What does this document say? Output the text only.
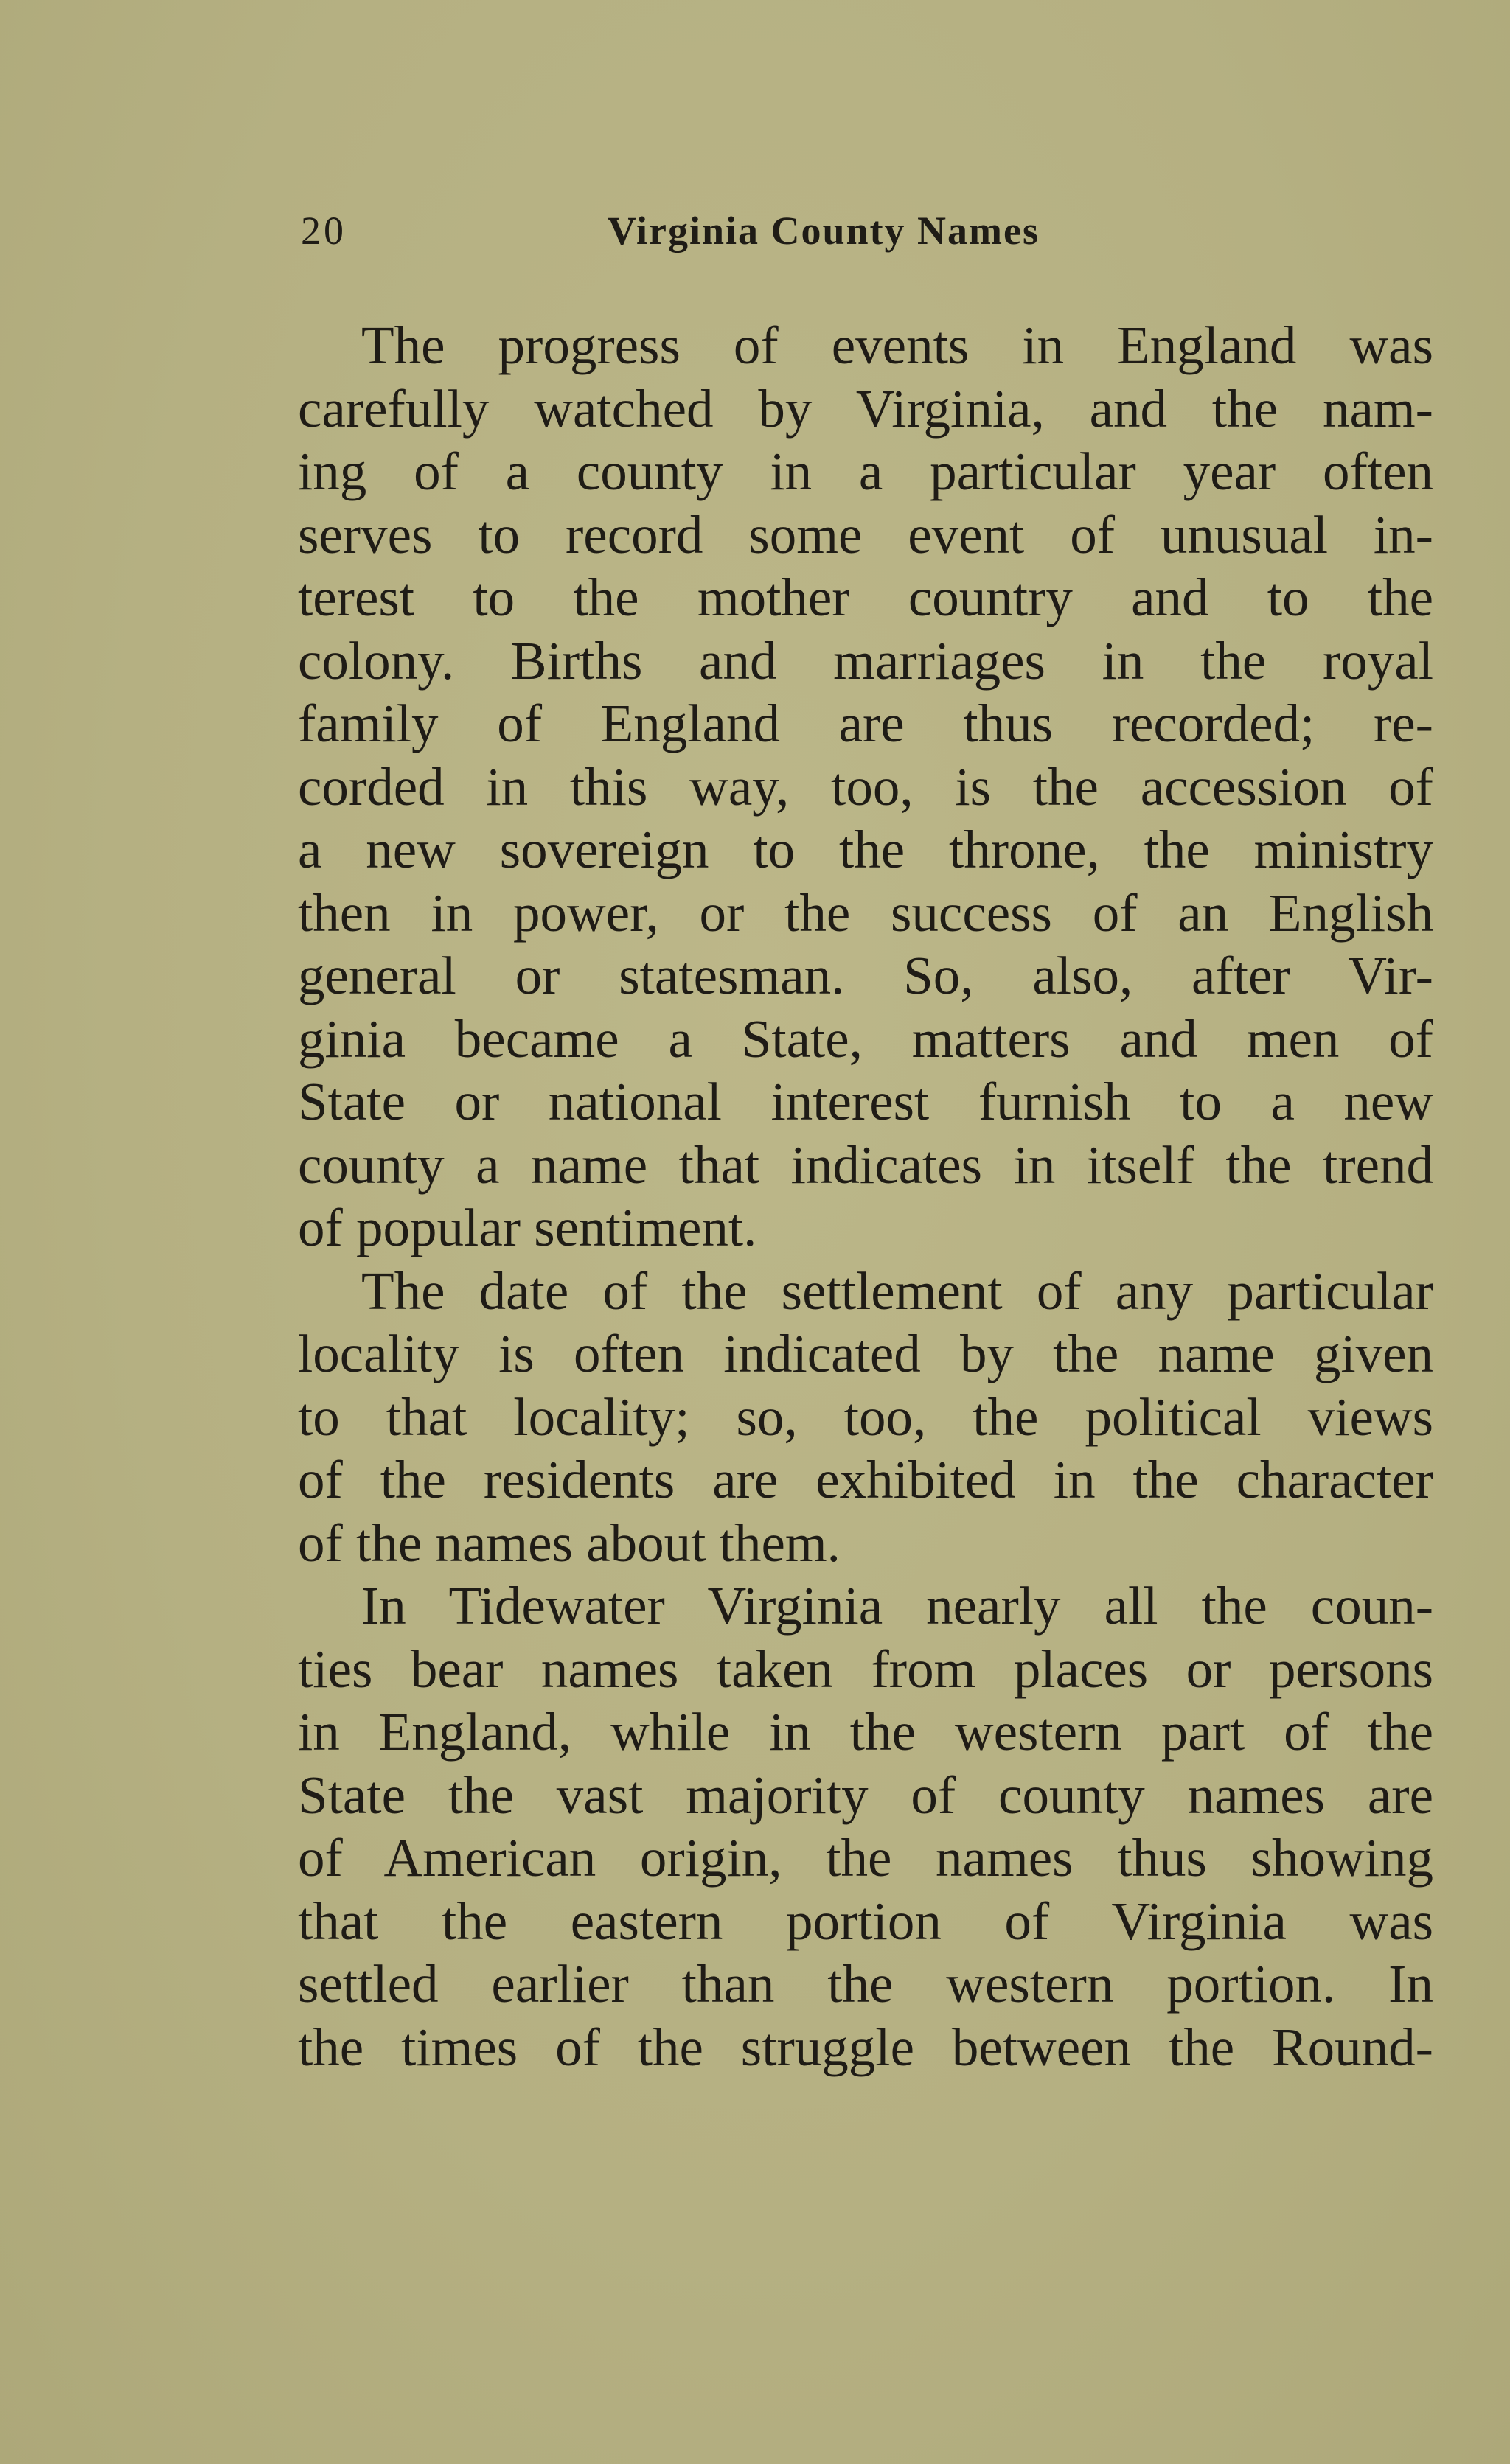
20	Virginia County Names
The progress of events in England was
carefully watched by Virginia, and the nam-
ing of a county in a particular year often
serves to record some event of unusual in-
terest to the mother country and to the
colony. Births and marriages in the royal
family of England are thus recorded; re-
corded in this way, too, is the accession of
a new sovereign to the throne, the ministry
then in power, or the success of an English
general or statesman. So, also, after Vir-
ginia became a State, matters and men of
State or national interest furnish to a new
county a name that indicates in itself the trend
of popular sentiment.
The date of the settlement of any particular
locality is often indicated by the name given
to that locality; so, too, the political views
of the residents are exhibited in the character
of the names about them.
In Tidewater Virginia nearly all the coun-
ties bear names taken from places or persons
in England, while in the western part of the
State the vast majority of county names are
of American origin, the names thus showing
that the eastern portion of Virginia was
settled earlier than the western portion. In
the times of the struggle between the Round-
